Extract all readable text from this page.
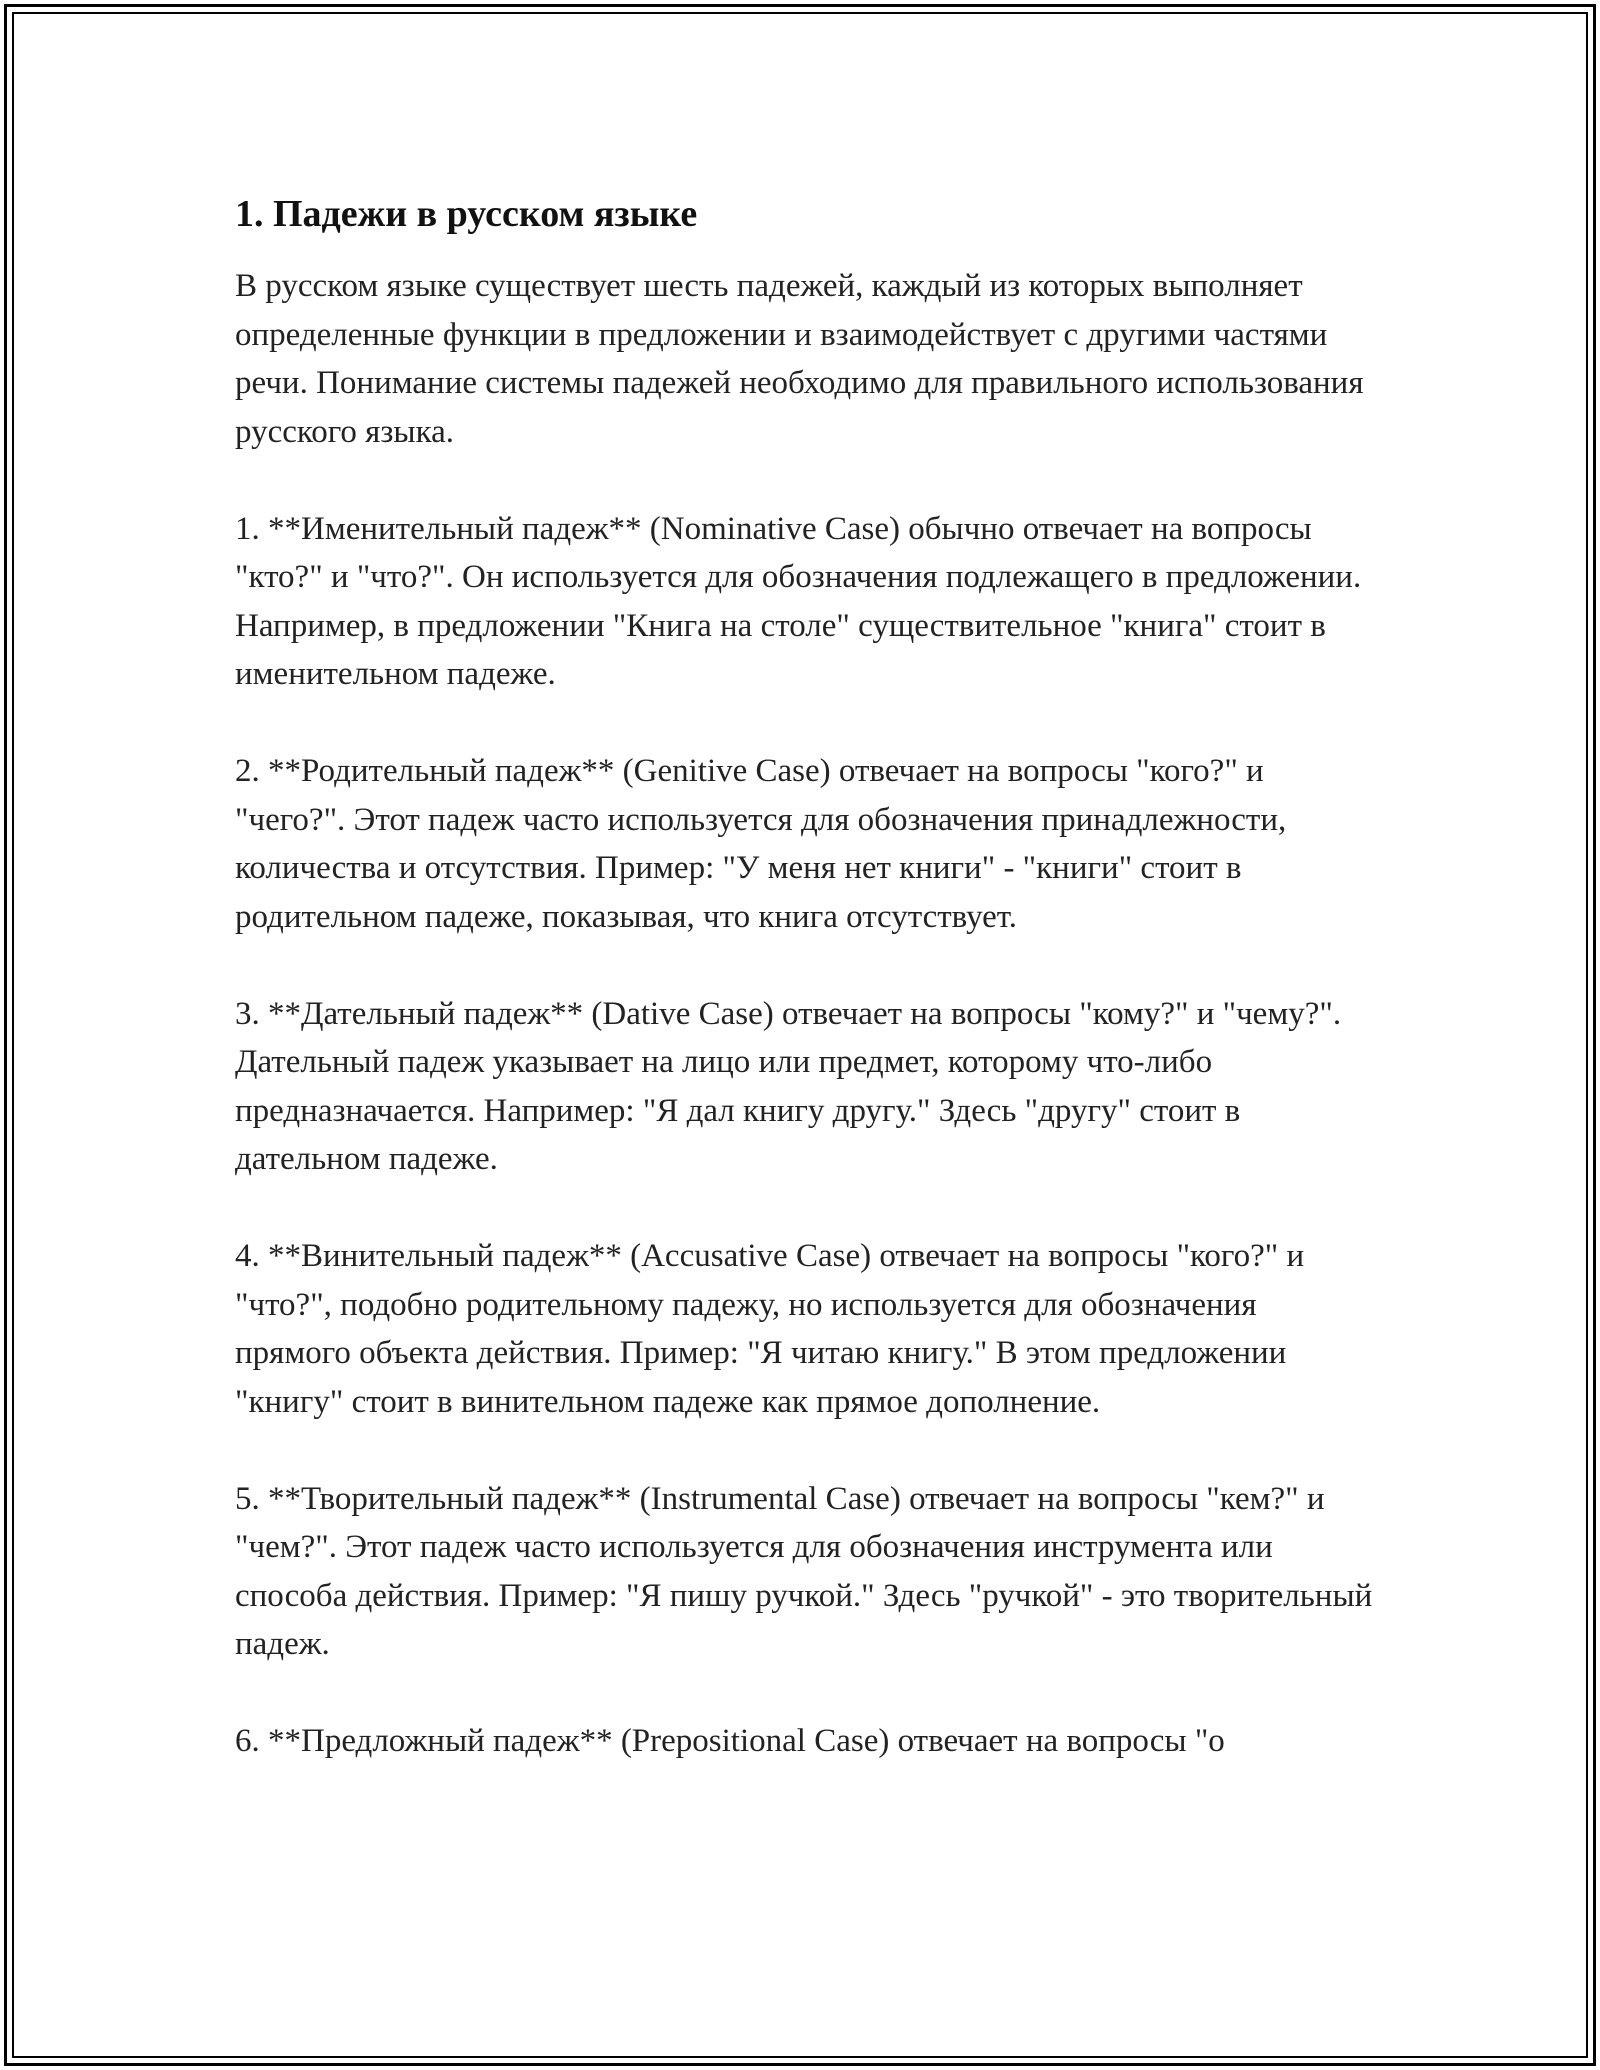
1. Падежи в русском языке

В русском языке существует шесть падежей, каждый из которых выполняет определенные функции в предложении и взаимодействует с другими частями речи. Понимание системы падежей необходимо для правильного использования русского языка.

1. **Именительный падеж** (Nominative Case) обычно отвечает на вопросы "кто?" и "что?". Он используется для обозначения подлежащего в предложении. Например, в предложении "Книга на столе" существительное "книга" стоит в именительном падеже.

2. **Родительный падеж** (Genitive Case) отвечает на вопросы "кого?" и "чего?". Этот падеж часто используется для обозначения принадлежности, количества и отсутствия. Пример: "У меня нет книги" - "книги" стоит в родительном падеже, показывая, что книга отсутствует.

3. **Дательный падеж** (Dative Case) отвечает на вопросы "кому?" и "чему?". Дательный падеж указывает на лицо или предмет, которому что-либо предназначается. Например: "Я дал книгу другу." Здесь "другу" стоит в дательном падеже.

4. **Винительный падеж** (Accusative Case) отвечает на вопросы "кого?" и "что?", подобно родительному падежу, но используется для обозначения прямого объекта действия. Пример: "Я читаю книгу." В этом предложении "книгу" стоит в винительном падеже как прямое дополнение.

5. **Творительный падеж** (Instrumental Case) отвечает на вопросы "кем?" и "чем?". Этот падеж часто используется для обозначения инструмента или способа действия. Пример: "Я пишу ручкой." Здесь "ручкой" - это творительный падеж.

6. **Предложный падеж** (Prepositional Case) отвечает на вопросы "о
